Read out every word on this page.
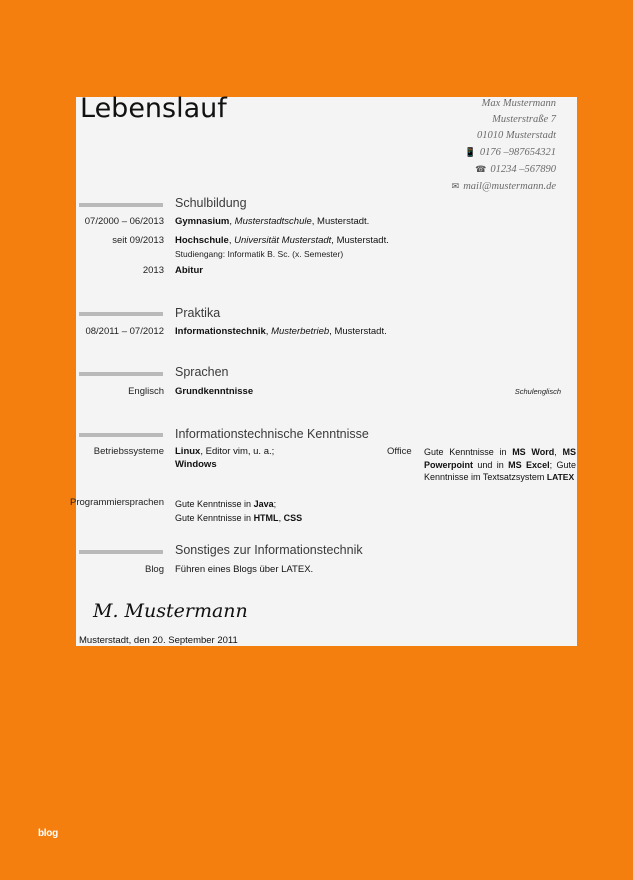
Lebenslauf	Max Mustermann
Musterstraße 7
01010 Musterstadt
📱 0176 –987654321
☎ 01234 –567890
✉ mail@mustermann.de
Schulbildung
07/2000 – 06/2013 Gymnasium, Musterstadtschule, Musterstadt.
seit 09/2013 Hochschule, Universität Musterstadt, Musterstadt.
Studiengang: Informatik B. Sc. (x. Semester)
2013 Abitur
Praktika
08/2011 – 07/2012 Informationstechnik, Musterbetrieb, Musterstadt.
Sprachen
Englisch Grundkenntnisse	Schulenglisch
Informationstechnische Kenntnisse
Betriebssysteme Linux, Editor vim, u. a.;
Windows
Office Gute Kenntnisse in MS Word, MS Powerpoint und in MS Excel; Gute Kenntnisse im Textsatzsystem LATEX

Programmiersprachen Gute Kenntnisse in Java;
Gute Kenntnisse in HTML, CSS
Sonstiges zur Informationstechnik
Blog Führen eines Blogs über LATEX.
M. Mustermann
Musterstadt, den 20. September 2011
blog
